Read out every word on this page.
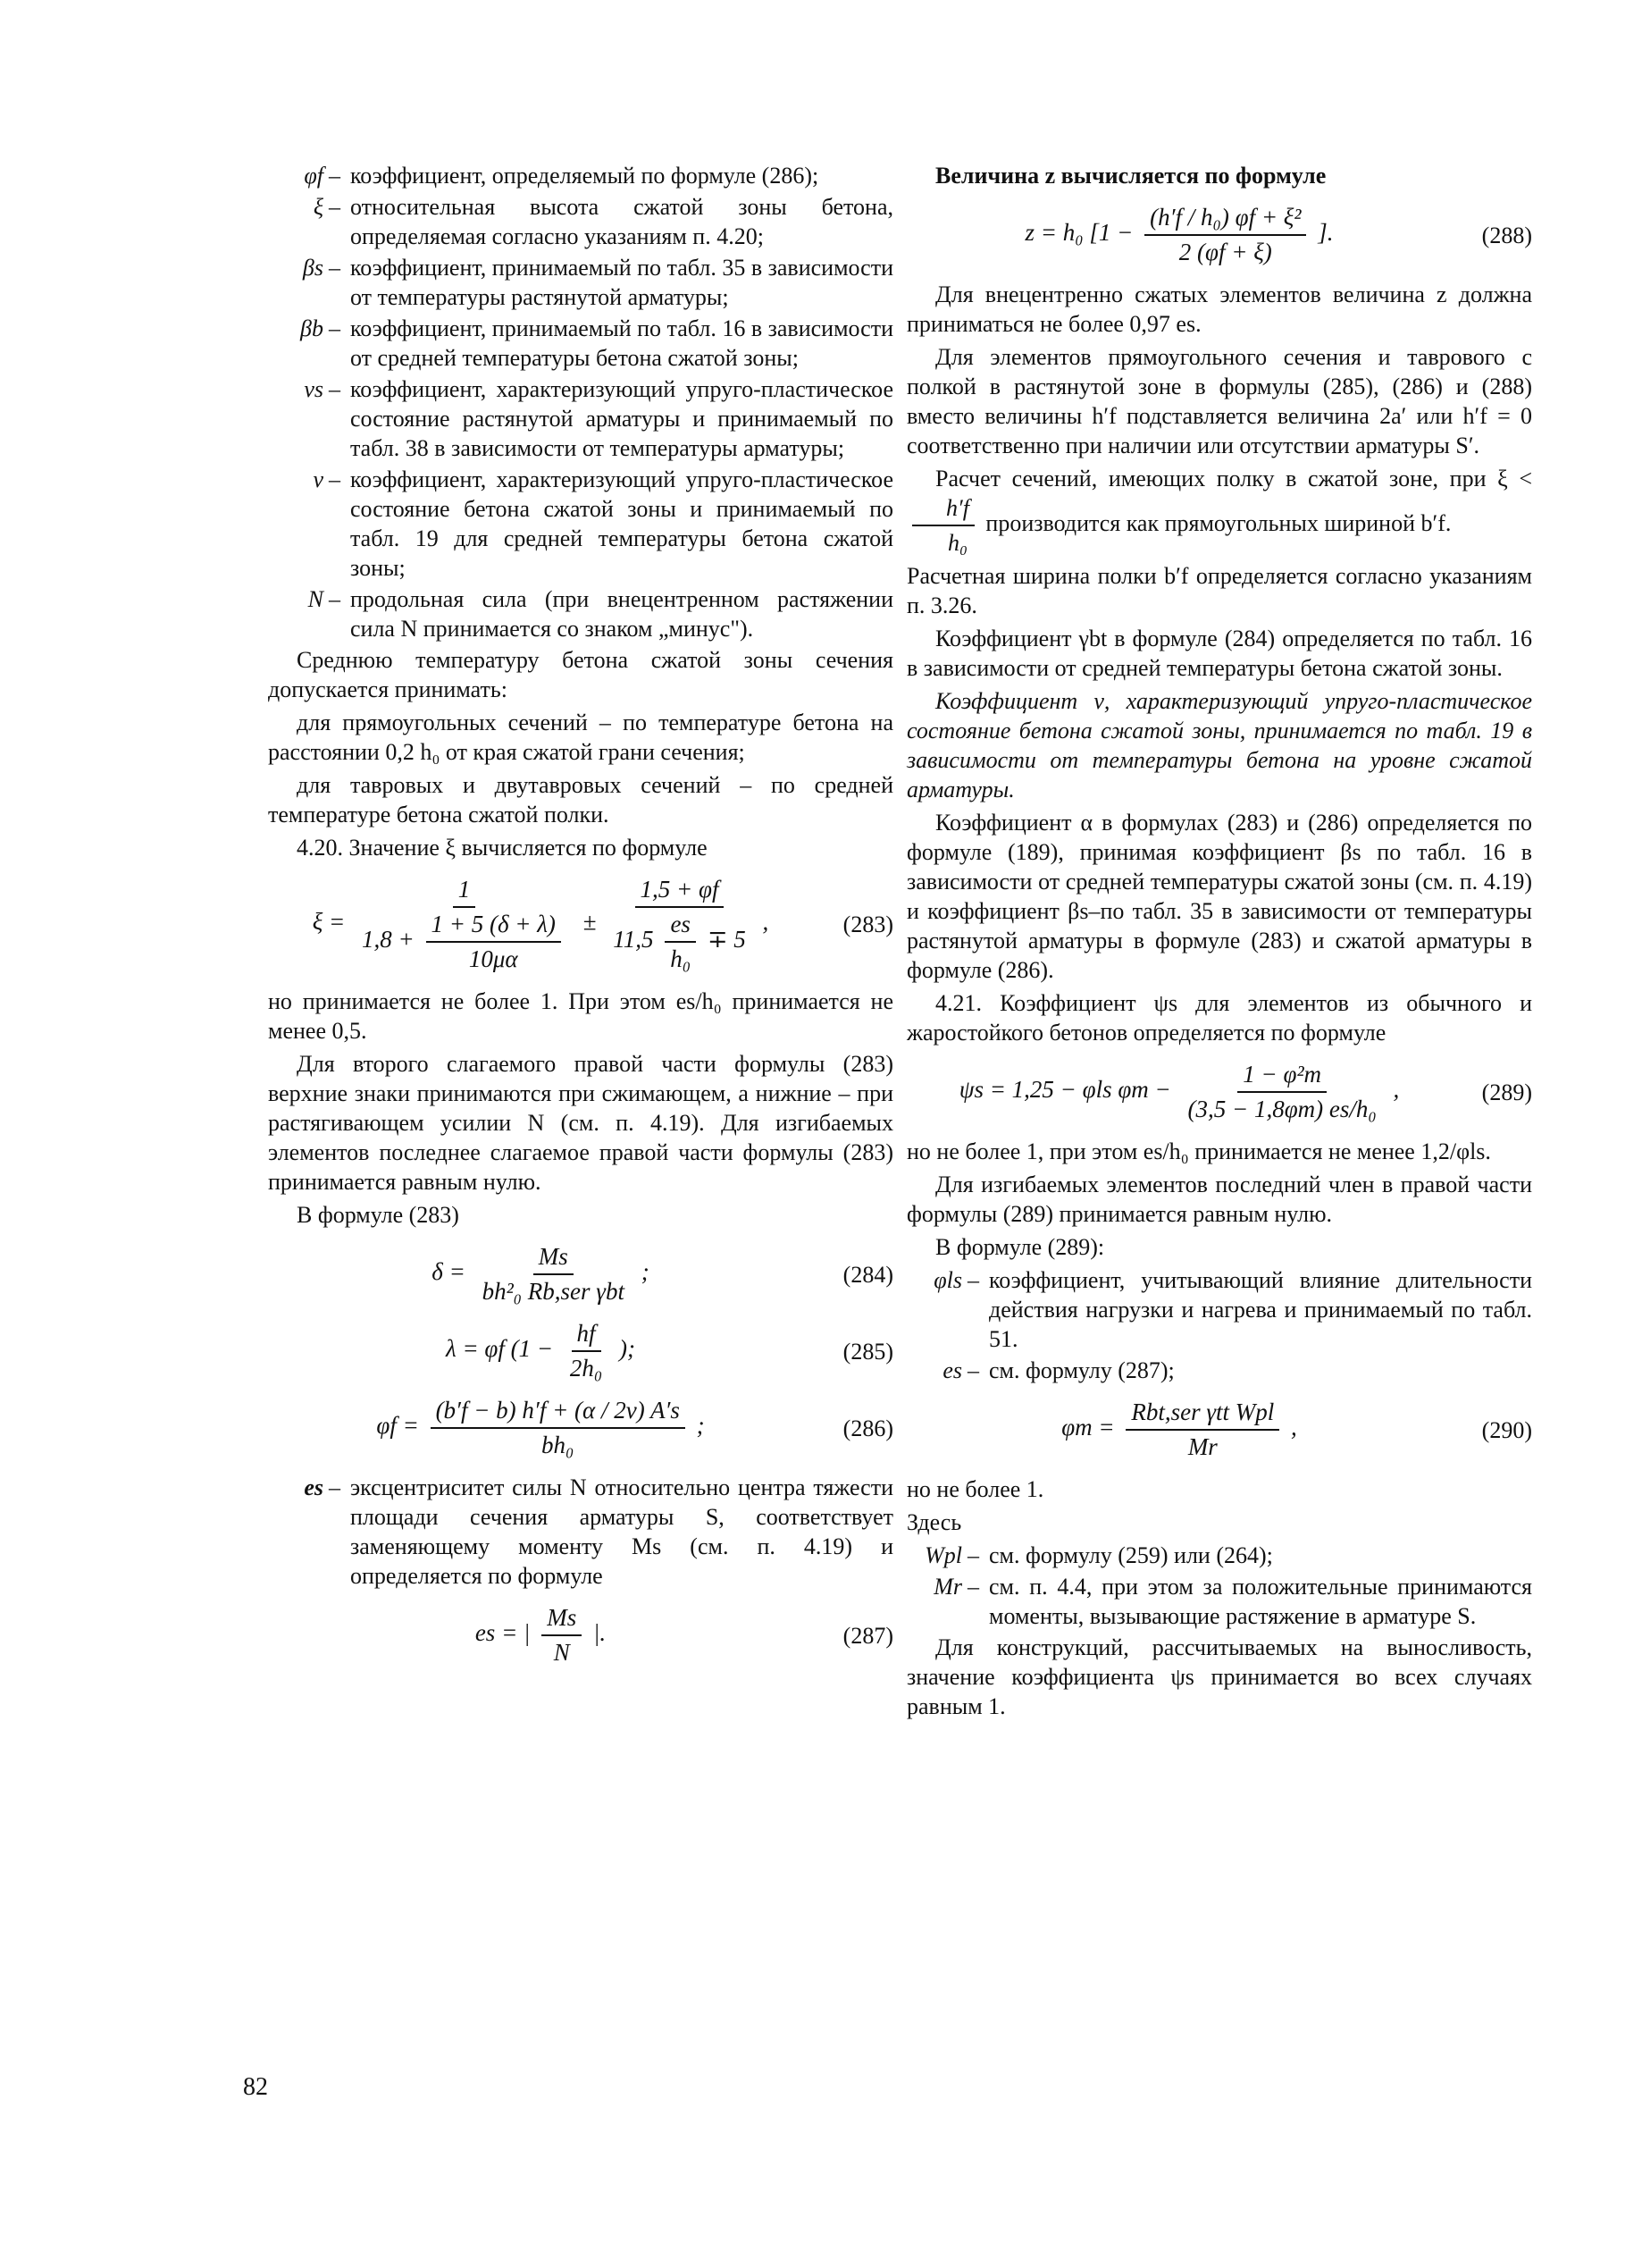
φf – коэффициент, определяемый по формуле (286);
ξ – относительная высота сжатой зоны бетона, определяемая согласно указаниям п. 4.20;
βs – коэффициент, принимаемый по табл. 35 в зависимости от температуры растянутой арматуры;
βb – коэффициент, принимаемый по табл. 16 в зависимости от средней температуры бетона сжатой зоны;
νs – коэффициент, характеризующий упруго-пластическое состояние растянутой арматуры и принимаемый по табл. 38 в зависимости от температуры арматуры;
ν – коэффициент, характеризующий упруго-пластическое состояние бетона сжатой зоны и принимаемый по табл. 19 для средней температуры бетона сжатой зоны;
N – продольная сила (при внецентренном растяжении сила N принимается со знаком „минус").

Среднюю температуру бетона сжатой зоны сечения допускается принимать:

для прямоугольных сечений – по температуре бетона на расстоянии 0,2 h₀ от края сжатой грани сечения;

для тавровых и двутавровых сечений – по средней температуре бетона сжатой полки.

4.20. Значение ξ вычисляется по формуле

ξ =
1
$1,8 + \frac{1 + 5 (\delta + \lambda)}{10\mu\alpha}$ ±
1,5 + φf
$11,5 \frac{es}{\text{h₀}} \mp 5$
,	(283)

но принимается не более 1. При этом es/h₀ принимается не менее 0,5.

Для второго слагаемого правой части формулы (283) верхние знаки принимаются при сжимающем, а нижние – при растягивающем усилии N (см. п. 4.19). Для изгибаемых элементов последнее слагаемое правой части формулы (283) принимается равным нулю.

В формуле (283)

$\delta = \frac{Ms}{\text{bh²₀ Rb,ser γbt}}$ ;	(284)
λ = φf ($1 - \frac{hf}{\text{2h₀}}$ );	(285)
$\varphi f = \frac{(b'f - b) h'f + (\alpha / 2\nu) A's}{\text{bh₀}}$ ;	(286)
es – эксцентриситет силы N относительно центра тяжести площади сечения арматуры S, соответствует заменяющему моменту Ms (см. п. 4.19) и определяется по формуле
es = | $\frac{Ms}{N}$ |.	(287)

Величина z вычисляется по формуле

z = h₀ [$1 - \frac{\text{(h′f / h₀) φf + ξ²}}{2 (\varphi f + \xi)}$ ].	(288)

Для внецентренно сжатых элементов величина z должна приниматься не более 0,97 es.

Для элементов прямоугольного сечения и таврового с полкой в растянутой зоне в формулы (285), (286) и (288) вместо величины h′f подставляется величина 2a′ или h′f = 0 соответственно при наличии или отсутствии арматуры S′.

Расчет сечений, имеющих полку в сжатой зоне, при ξ <
$\frac{h'f}{\text{h₀}}$ производится как прямоугольных шириной b′f.

Расчетная ширина полки b′f определяется согласно указаниям п. 3.26.

Коэффициент γbt в формуле (284) определяется по табл. 16 в зависимости от средней температуры бетона сжатой зоны.

Коэффициент ν, характеризующий упруго-пластическое состояние бетона сжатой зоны, принимается по табл. 19 в зависимости от температуры бетона на уровне сжатой арматуры.

Коэффициент α в формулах (283) и (286) определяется по формуле (189), принимая коэффициент βs по табл. 16 в зависимости от средней температуры сжатой зоны (см. п. 4.19) и коэффициент βs–по табл. 35 в зависимости от температуры растянутой арматуры в формуле (283) и сжатой арматуры в формуле (286).

4.21. Коэффициент ψs для элементов из обычного и жаростойкого бетонов определяется по формуле

ψs = 1,25 − φls $\varphi m - \frac{\text{1 − φ²m}}{\text{(3,5 − 1,8φm) es/h₀}}$ ,	(289)

но не более 1, при этом es/h₀ принимается не менее 1,2/φls.

Для изгибаемых элементов последний член в правой части формулы (289) принимается равным нулю.

В формуле (289):

φls – коэффициент, учитывающий влияние длительности действия нагрузки и нагрева и принимаемый по табл. 51.
es – см. формулу (287);
$\varphi m = \frac{\text{Rbt,ser γtt Wpl}}{Mr}$ ,	(290)

но не более 1.

Здесь

Wpl – см. формулу (259) или (264);
Mr – см. п. 4.4, при этом за положительные принимаются моменты, вызывающие растяжение в арматуре S.

Для конструкций, рассчитываемых на выносливость, значение коэффициента ψs принимается во всех случаях равным 1.

82
